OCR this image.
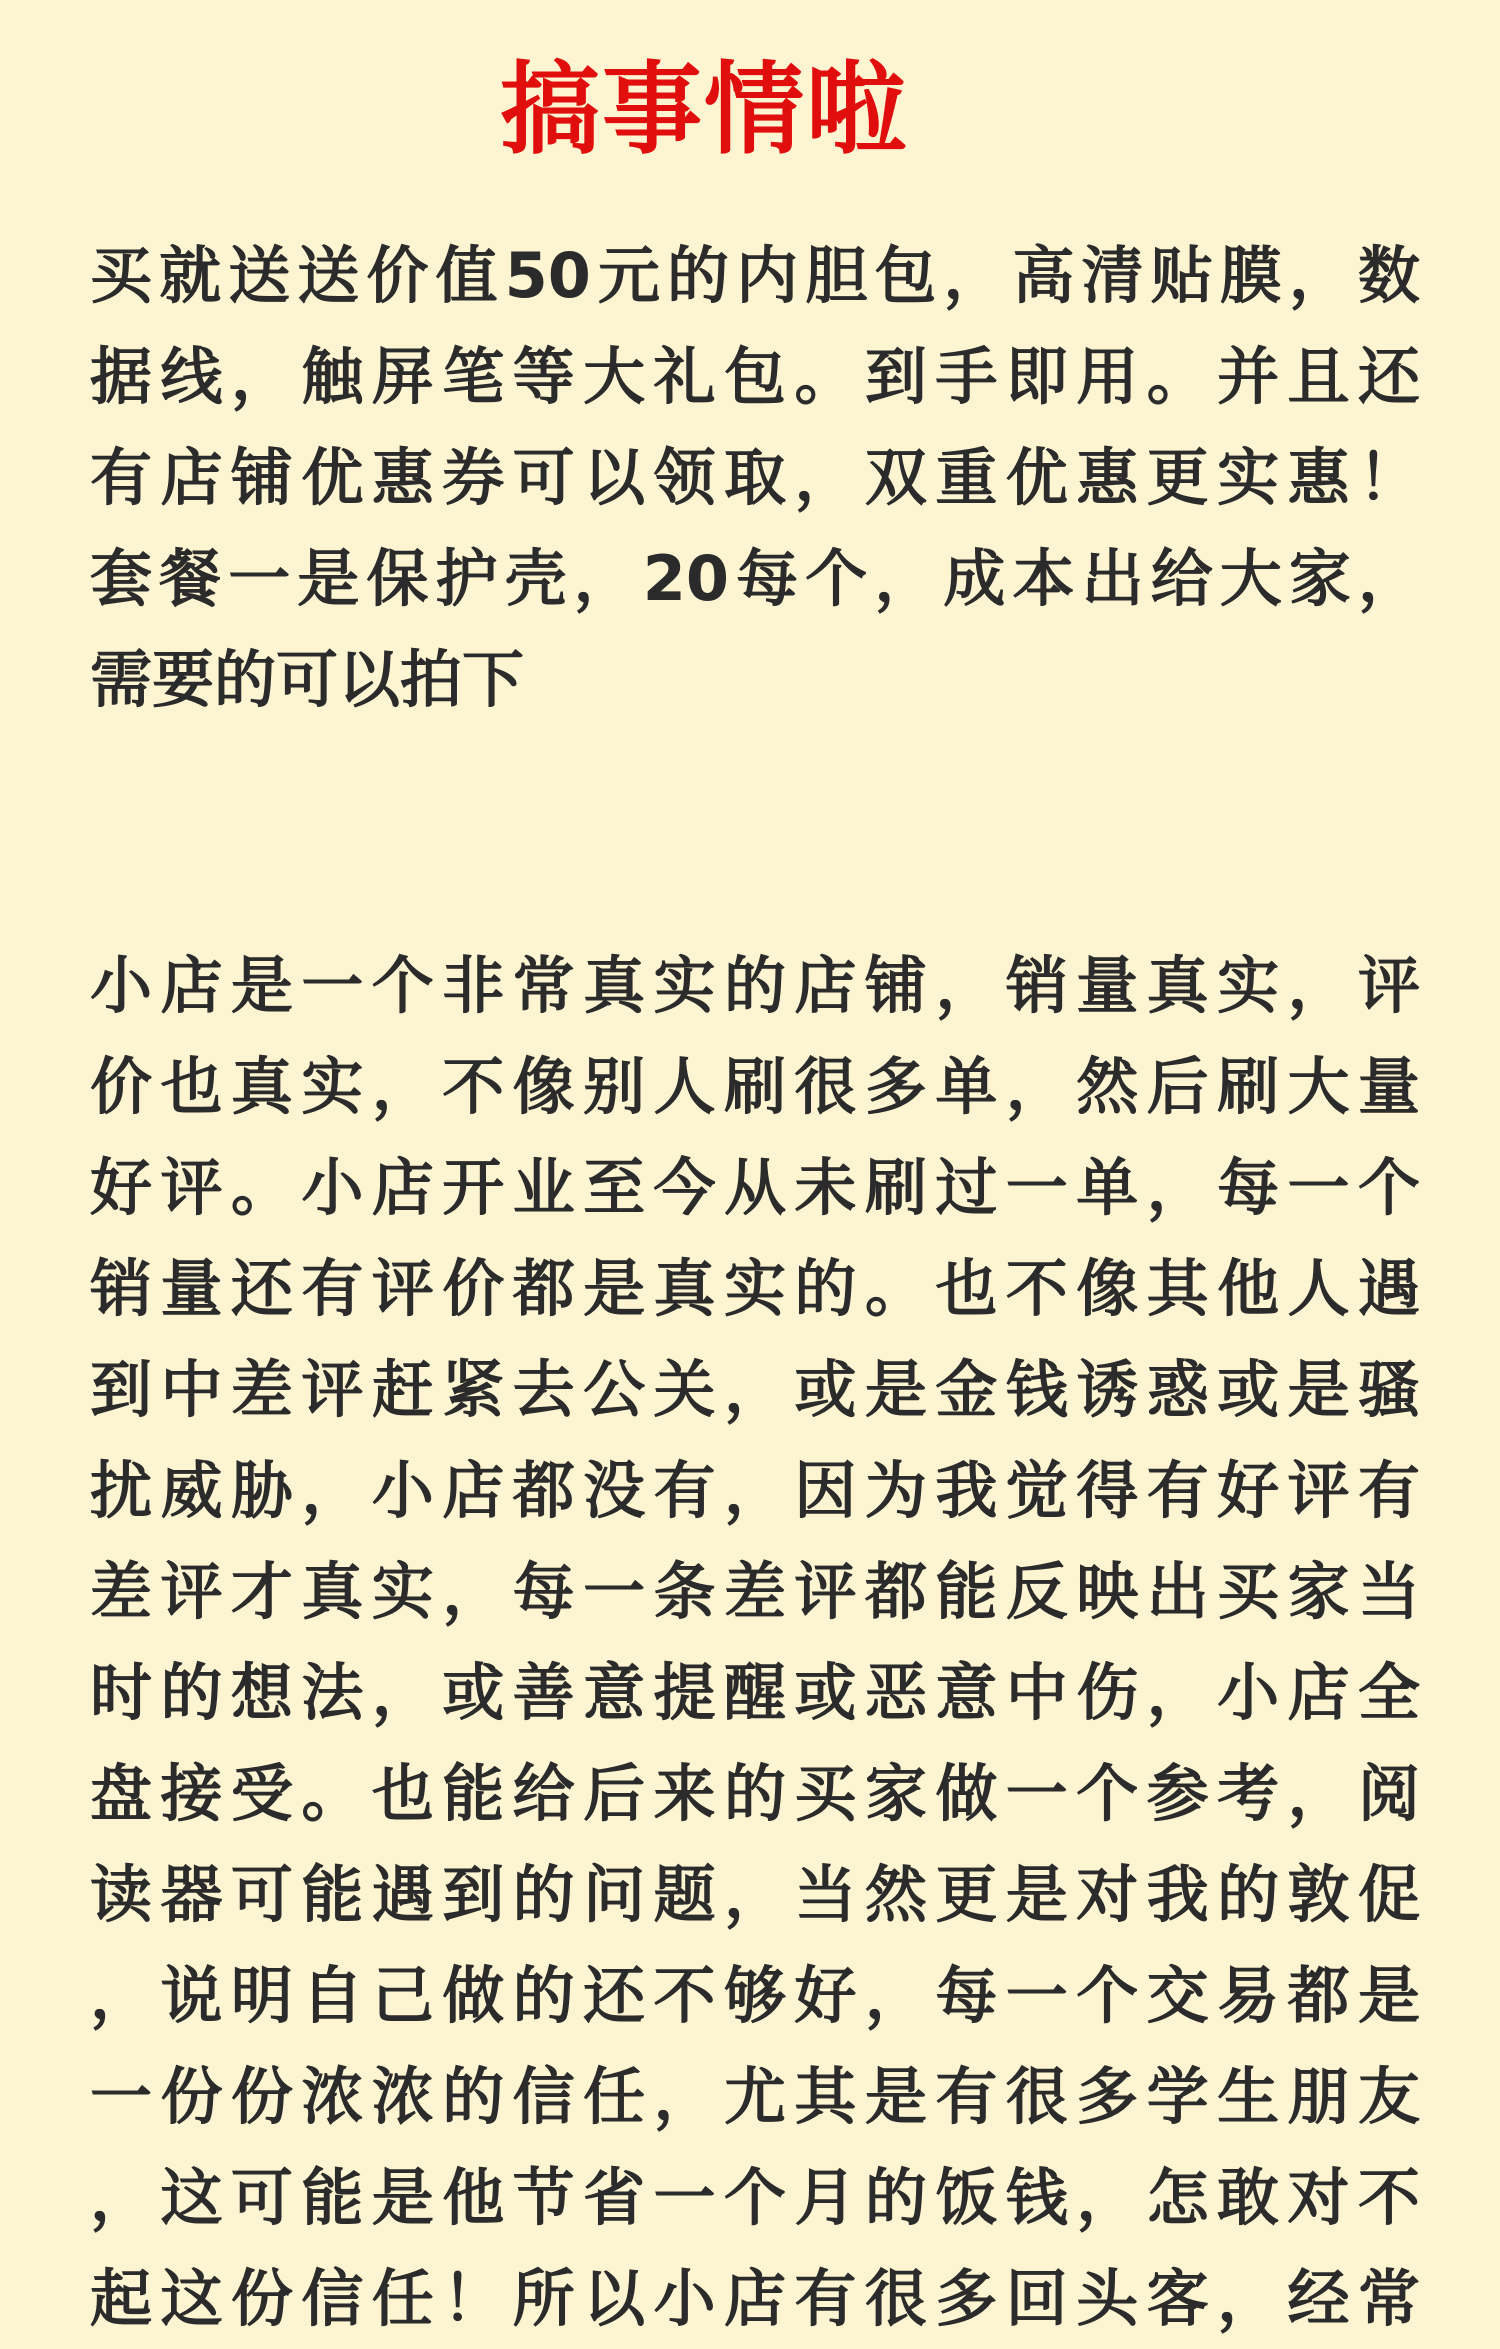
搞事情啦
买就送送价值50元的内胆包，高清贴膜，数
据线，触屏笔等大礼包。到手即用。并且还
有店铺优惠券可以领取，双重优惠更实惠！
套餐一是保护壳，20每个，成本出给大家，
需要的可以拍下
小店是一个非常真实的店铺，销量真实，评
价也真实，不像别人刷很多单，然后刷大量
好评。小店开业至今从未刷过一单，每一个
销量还有评价都是真实的。也不像其他人遇
到中差评赶紧去公关，或是金钱诱惑或是骚
扰威胁，小店都没有，因为我觉得有好评有
差评才真实，每一条差评都能反映出买家当
时的想法，或善意提醒或恶意中伤，小店全
盘接受。也能给后来的买家做一个参考，阅
读器可能遇到的问题，当然更是对我的敦促
，说明自己做的还不够好，每一个交易都是
一份份浓浓的信任，尤其是有很多学生朋友
，这可能是他节省一个月的饭钱，怎敢对不
起这份信任！所以小店有很多回头客，经常
